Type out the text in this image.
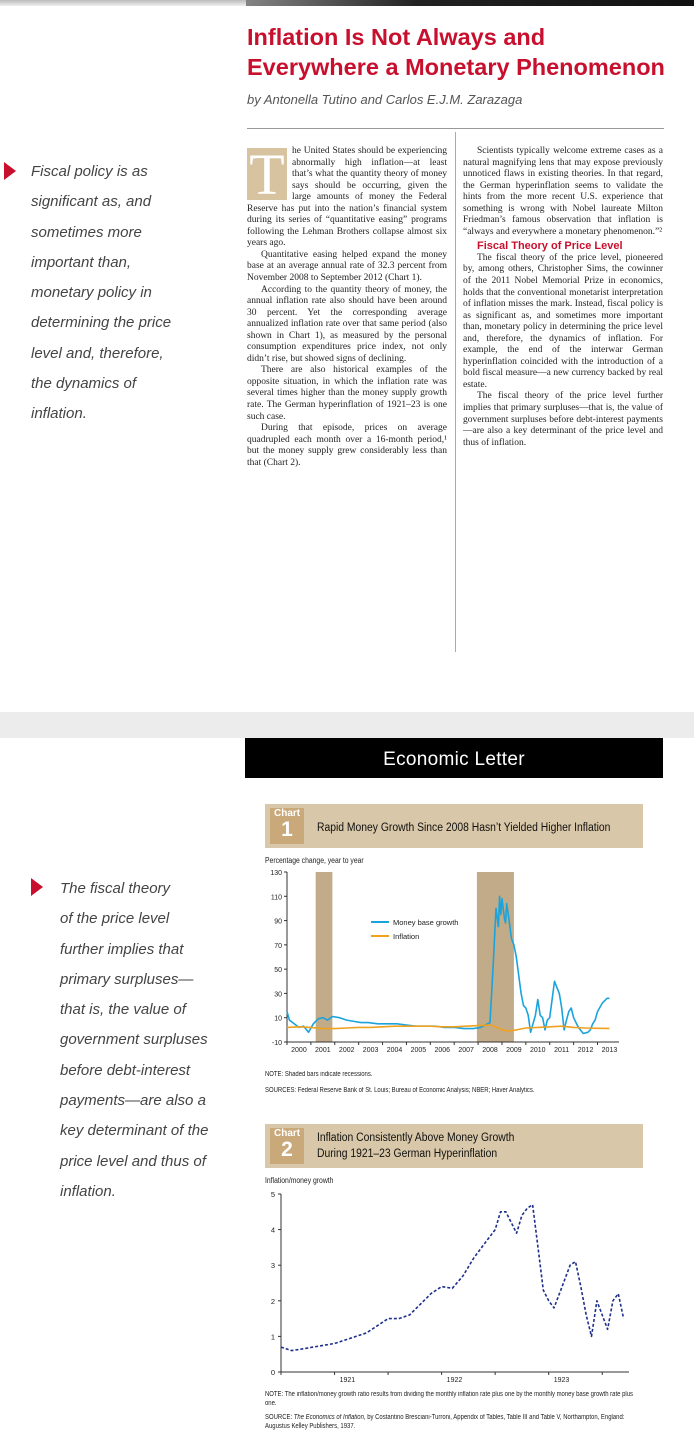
Inflation Is Not Always and
Everywhere a Monetary Phenomenon
by Antonella Tutino and Carlos E.J.M. Zarazaga
Fiscal policy is as
significant as, and
sometimes more
important than,
monetary policy in
determining the price
level and, therefore,
the dynamics of
inflation.

T he United States should be experiencing abnormally high inflation—at least that’s what the quantity theory of money says should be occurring, given the large amounts of money the Federal Reserve has put into the nation’s financial system during its series of “quantitative easing” programs following the Lehman Brothers collapse almost six years ago.

Quantitative easing helped expand the money base at an average annual rate of 32.3 percent from November 2008 to September 2012 (Chart 1).

According to the quantity theory of money, the annual inflation rate also should have been around 30 percent. Yet the corresponding average annualized inflation rate over that same period (also shown in Chart 1), as measured by the personal consumption expenditures price index, not only didn’t rise, but showed signs of declining.

There are also historical examples of the opposite situation, in which the inflation rate was several times higher than the money supply growth rate. The German hyperinflation of 1921–23 is one such case.

During that episode, prices on average quadrupled each month over a 16-month period,¹ but the money supply grew considerably less than that (Chart 2).

Scientists typically welcome extreme cases as a natural magnifying lens that may expose previously unnoticed flaws in existing theories. In that regard, the German hyperinflation seems to validate the hints from the more recent U.S. experience that something is wrong with Nobel laureate Milton Friedman’s famous observation that inflation is “always and everywhere a monetary phenomenon.”²

Fiscal Theory of Price Level

The fiscal theory of the price level, pioneered by, among others, Christopher Sims, the cowinner of the 2011 Nobel Memorial Prize in economics, holds that the conventional monetarist interpretation of inflation misses the mark. Instead, fiscal policy is as significant as, and sometimes more important than, monetary policy in determining the price level and, therefore, the dynamics of inflation. For example, the end of the interwar German hyperinflation coincided with the introduction of a bold fiscal measure—a new currency backed by real estate.

The fiscal theory of the price level further implies that primary surpluses—that is, the value of government surpluses before debt-interest payments—are also a key determinant of the price level and thus of inflation.

Economic Letter
The fiscal theory
of the price level
further implies that
primary surpluses—
that is, the value of
government surpluses
before debt-interest
payments—are also a
key determinant of the
price level and thus of
inflation.
Chart
1	Rapid Money Growth Since 2008 Hasn’t Yielded Higher Inflation
Percentage change, year to year
-10
10
30
50
70
90
110
130
2000 2001 2002 2003 2004 2005 2006 2007 2008 2009 2010 2011 2012 2013
Money base growth
Inflation
NOTE: Shaded bars indicate recessions.
SOURCES: Federal Reserve Bank of St. Louis; Bureau of Economic Analysis; NBER; Haver Analytics.
Chart
2	Inflation Consistently Above Money Growth
During 1921–23 German Hyperinflation
Inflation/money growth
0
1
2
3
4
5
1921	1922	1923
NOTE: The inflation/money growth ratio results from dividing the monthly inflation rate plus one by the monthly money base growth rate plus one.
SOURCE: The Economics of Inflation, by Costantino Bresciani-Turroni, Appendix of Tables, Table III and Table V, Northampton, England: Augustus Kelley Publishers, 1937.
